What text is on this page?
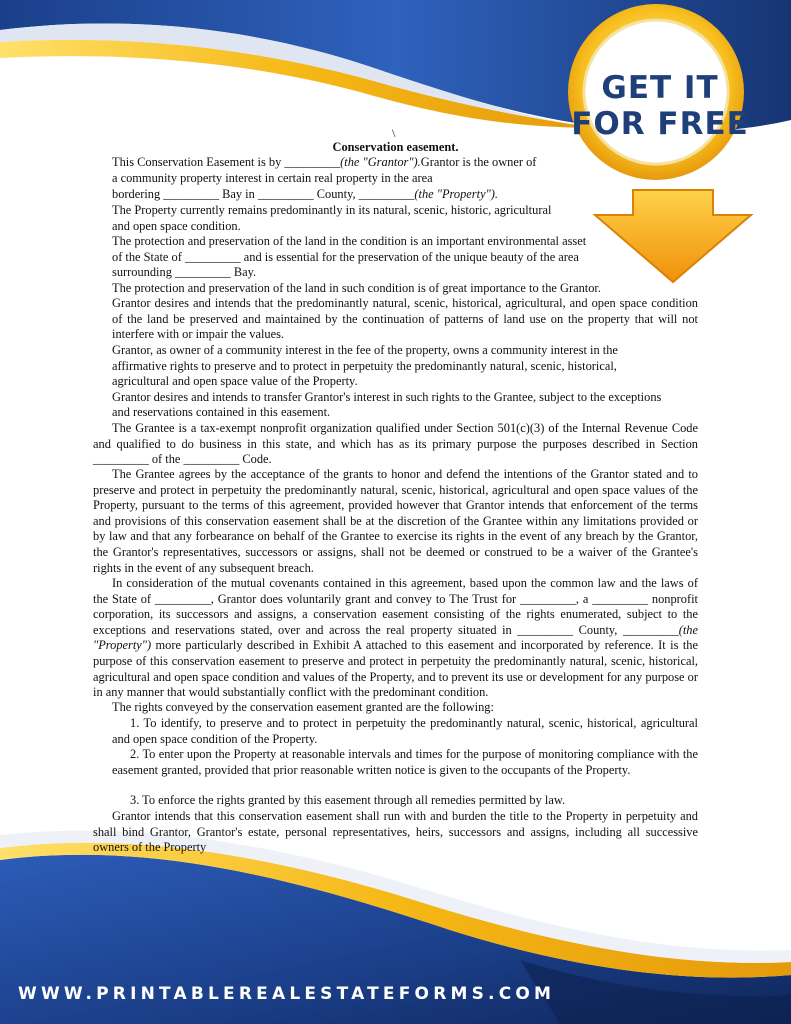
GET IT
FOR FREE
\
Conservation easement.
This Conservation Easement is by _________(the "Grantor").Grantor is the owner of
a community property interest in certain real property in the area
bordering _________ Bay in _________ County, _________(the "Property").
The Property currently remains predominantly in its natural, scenic, historic, agricultural
and open space condition.
The protection and preservation of the land in the condition is an important environmental asset
of the State of _________ and is essential for the preservation of the unique beauty of the area
surrounding _________ Bay.
The protection and preservation of the land in such condition is of great importance to the Grantor.
Grantor desires and intends that the predominantly natural, scenic, historical, agricultural, and open space condition of the land be preserved and maintained by the continuation of patterns of land use on the property that will not interfere with or impair the values.
Grantor, as owner of a community interest in the fee of the property, owns a community interest in the
affirmative rights to preserve and to protect in perpetuity the predominantly natural, scenic, historical,
agricultural and open space value of the Property.
Grantor desires and intends to transfer Grantor's interest in such rights to the Grantee, subject to the exceptions
and reservations contained in this easement.
The Grantee is a tax-exempt nonprofit organization qualified under Section 501(c)(3) of the Internal Revenue Code and qualified to do business in this state, and which has as its primary purpose the purposes described in Section _________ of the _________ Code.
The Grantee agrees by the acceptance of the grants to honor and defend the intentions of the Grantor stated and to preserve and protect in perpetuity the predominantly natural, scenic, historical, agricultural and open space values of the Property, pursuant to the terms of this agreement, provided however that Grantor intends that enforcement of the terms and provisions of this conservation easement shall be at the discretion of the Grantee within any limitations provided or by law and that any forbearance on behalf of the Grantee to exercise its rights in the event of any breach by the Grantor, the Grantor's representatives, successors or assigns, shall not be deemed or construed to be a waiver of the Grantee's rights in the event of any subsequent breach.
In consideration of the mutual covenants contained in this agreement, based upon the common law and the laws of the State of _________, Grantor does voluntarily grant and convey to The Trust for _________, a _________ nonprofit corporation, its successors and assigns, a conservation easement consisting of the rights enumerated, subject to the exceptions and reservations stated, over and across the real property situated in _________ County, _________(the "Property") more particularly described in Exhibit A attached to this easement and incorporated by reference. It is the purpose of this conservation easement to preserve and protect in perpetuity the predominantly natural, scenic, historical, agricultural and open space condition and values of the Property, and to prevent its use or development for any purpose or in any manner that would substantially conflict with the predominant condition.
The rights conveyed by the conservation easement granted are the following:
1. To identify, to preserve and to protect in perpetuity the predominantly natural, scenic, historical, agricultural and open space condition of the Property.
2. To enter upon the Property at reasonable intervals and times for the purpose of monitoring compliance with the easement granted, provided that prior reasonable written notice is given to the occupants of the Property.
3. To enforce the rights granted by this easement through all remedies permitted by law.
Grantor intends that this conservation easement shall run with and burden the title to the Property in perpetuity and shall bind Grantor, Grantor's estate, personal representatives, heirs, successors and assigns, including all successive owners of the Property
WWW.PRINTABLEREALESTATEFORMS.COM
